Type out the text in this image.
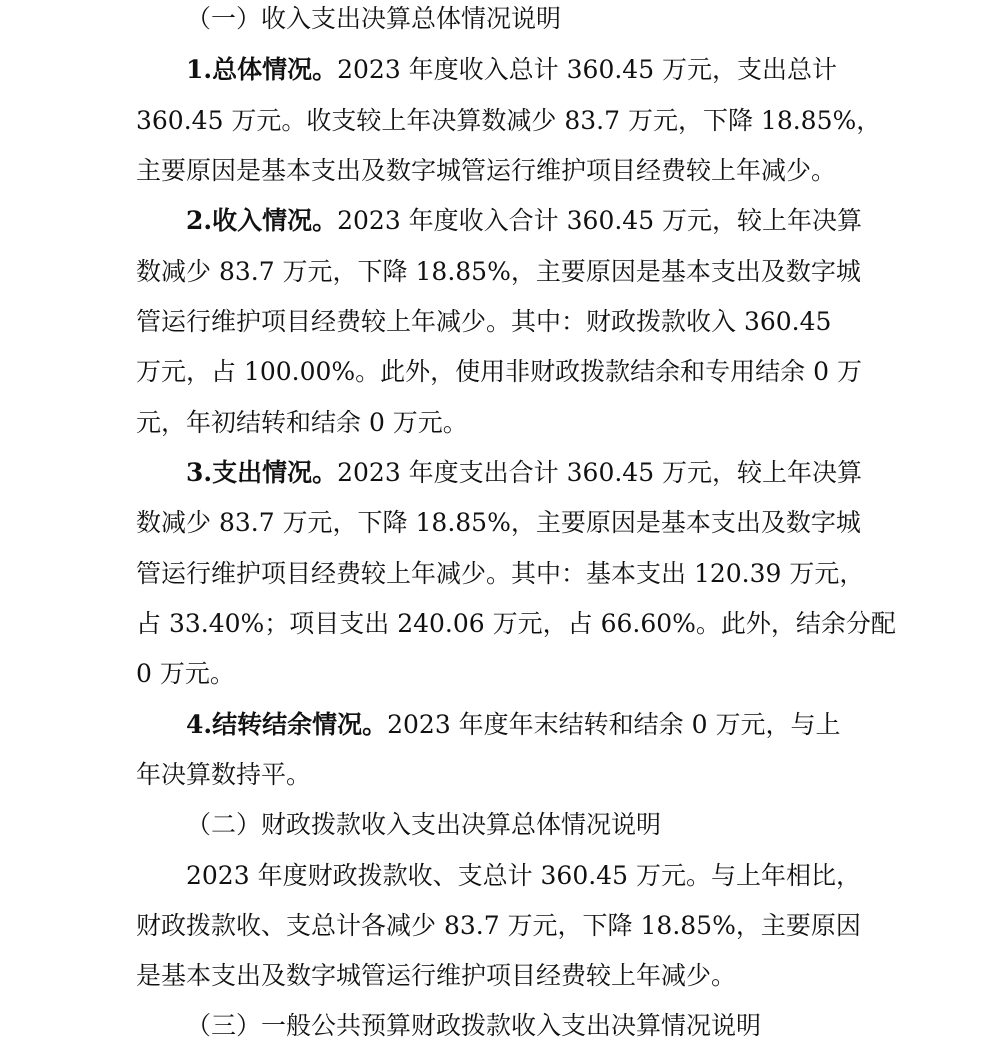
（一）收入支出决算总体情况说明
1.总体情况。2023 年度收入总计 360.45 万元，支出总计
360.45 万元。收支较上年决算数减少 83.7 万元，下降 18.85%，
主要原因是基本支出及数字城管运行维护项目经费较上年减少。
2.收入情况。2023 年度收入合计 360.45 万元，较上年决算
数减少 83.7 万元，下降 18.85%，主要原因是基本支出及数字城
管运行维护项目经费较上年减少。其中：财政拨款收入 360.45
万元，占 100.00%。此外，使用非财政拨款结余和专用结余 0 万
元，年初结转和结余 0 万元。
3.支出情况。2023 年度支出合计 360.45 万元，较上年决算
数减少 83.7 万元，下降 18.85%，主要原因是基本支出及数字城
管运行维护项目经费较上年减少。其中：基本支出 120.39 万元，
占 33.40%；项目支出 240.06 万元，占 66.60%。此外，结余分配
0 万元。
4.结转结余情况。2023 年度年末结转和结余 0 万元，与上
年决算数持平。
（二）财政拨款收入支出决算总体情况说明
2023 年度财政拨款收、支总计 360.45 万元。与上年相比，
财政拨款收、支总计各减少 83.7 万元，下降 18.85%，主要原因
是基本支出及数字城管运行维护项目经费较上年减少。
（三）一般公共预算财政拨款收入支出决算情况说明
